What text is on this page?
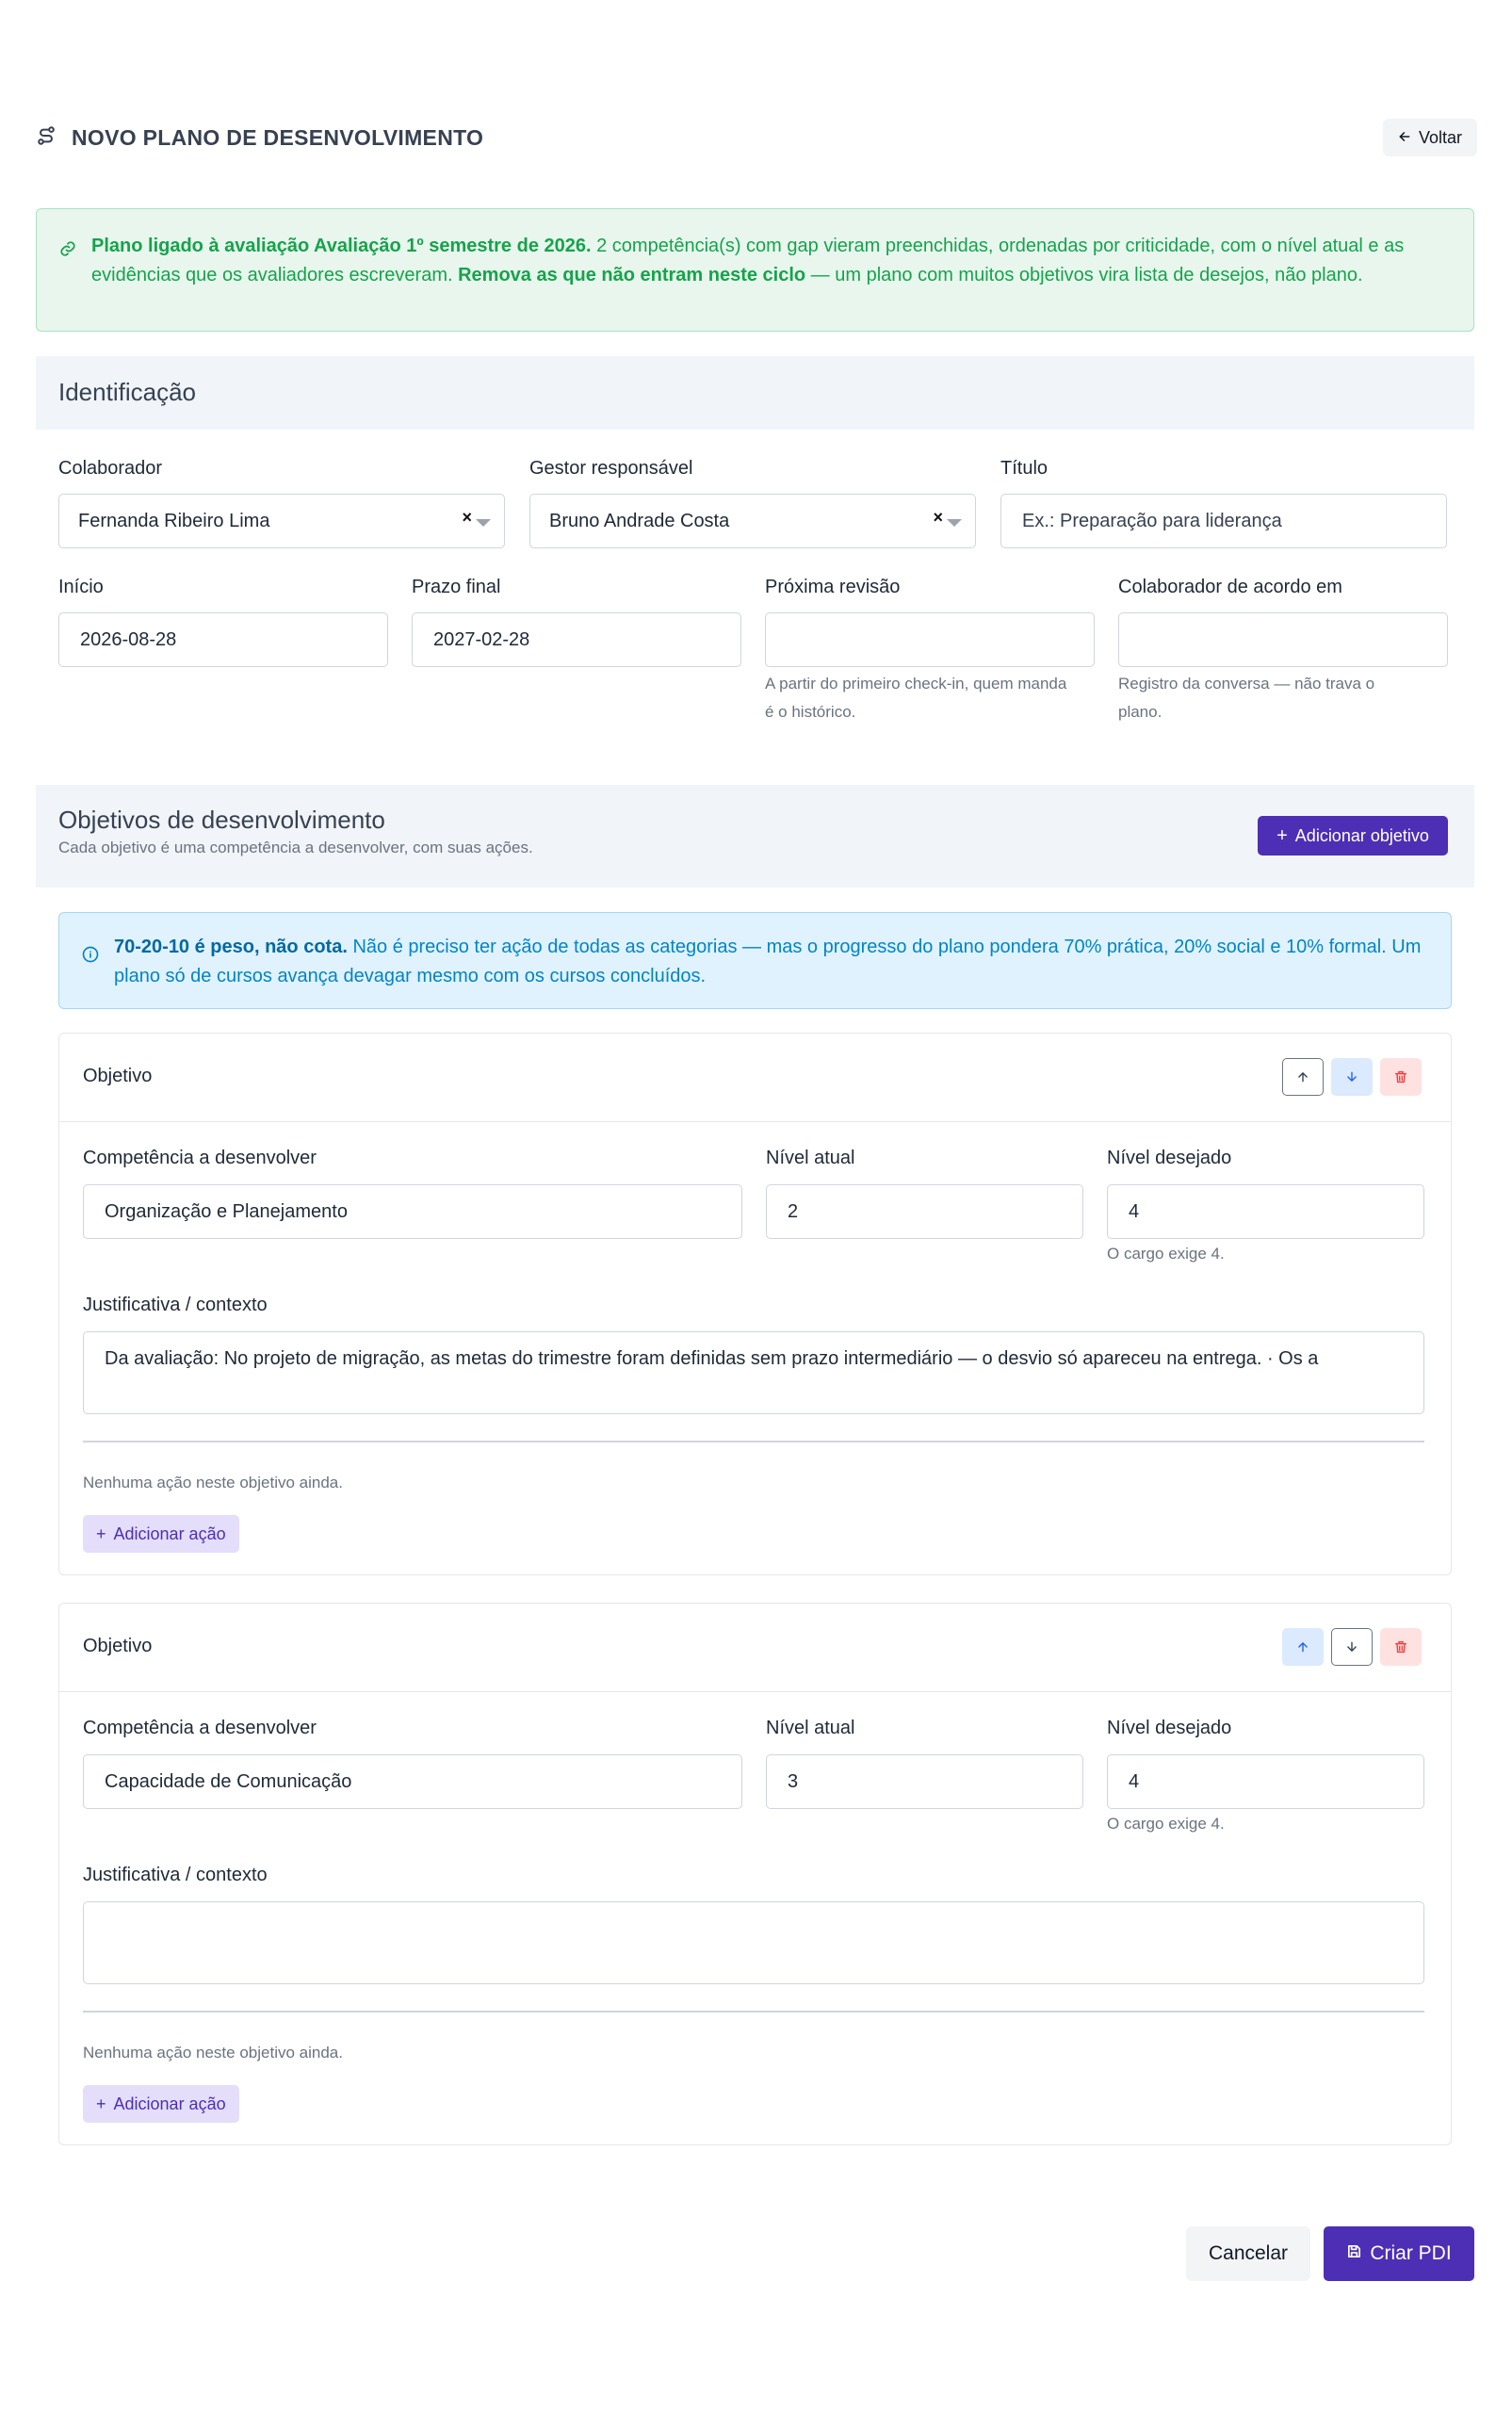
NOVO PLANO DE DESENVOLVIMENTO	Voltar
Plano ligado à avaliação Avaliação 1º semestre de 2026. 2 competência(s) com gap vieram preenchidas, ordenadas por criticidade, com o nível atual e as evidências que os avaliadores escreveram. Remova as que não entram neste ciclo — um plano com muitos objetivos vira lista de desejos, não plano.
Identificação
Colaborador
Fernanda Ribeiro Lima	×
Gestor responsável
Bruno Andrade Costa	×
Título
Ex.: Preparação para liderança
Início
2026-08-28	Prazo final
2027-02-28	Próxima revisão
A partir do primeiro check-in, quem manda é o histórico.
Colaborador de acordo em
Registro da conversa — não trava o plano.
Objetivos de desenvolvimento
Cada objetivo é uma competência a desenvolver, com suas ações.
+ Adicionar objetivo
70-20-10 é peso, não cota. Não é preciso ter ação de todas as categorias — mas o progresso do plano pondera 70% prática, 20% social e 10% formal. Um plano só de cursos avança devagar mesmo com os cursos concluídos.
Objetivo
Competência a desenvolver
Organização e Planejamento	Nível atual
2	Nível desejado
4
O cargo exige 4.
Justificativa / contexto
Da avaliação: No projeto de migração, as metas do trimestre foram definidas sem prazo intermediário — o desvio só apareceu na entrega. · Os a
Nenhuma ação neste objetivo ainda.
+ Adicionar ação
Objetivo
Competência a desenvolver
Capacidade de Comunicação	Nível atual
3	Nível desejado
4
O cargo exige 4.
Justificativa / contexto
Nenhuma ação neste objetivo ainda.
+ Adicionar ação
Cancelar	Criar PDI
